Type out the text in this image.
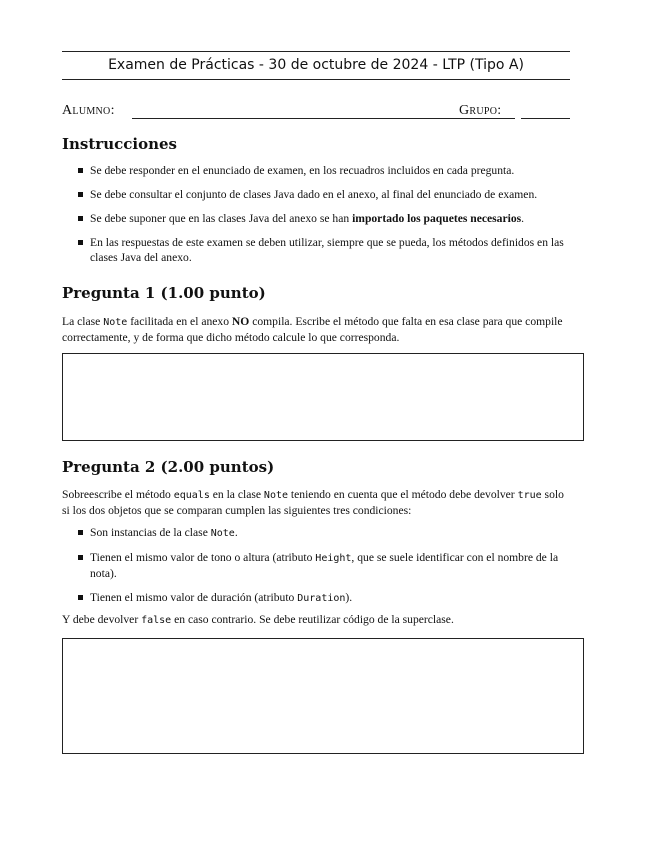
Examen de Prácticas - 30 de octubre de 2024 - LTP (Tipo A)
Alumno:	Grupo:
Instrucciones
Se debe responder en el enunciado de examen, en los recuadros incluidos en cada pregunta.
Se debe consultar el conjunto de clases Java dado en el anexo, al final del enunciado de examen.
Se debe suponer que en las clases Java del anexo se han importado los paquetes necesarios.
En las respuestas de este examen se deben utilizar, siempre que se pueda, los métodos definidos en las clases Java del anexo.
Pregunta 1 (1.00 punto)
La clase Note facilitada en el anexo NO compila. Escribe el método que falta en esa clase para que compile correctamente, y de forma que dicho método calcule lo que corresponda.
Pregunta 2 (2.00 puntos)
Sobreescribe el método equals en la clase Note teniendo en cuenta que el método debe devolver true solo si los dos objetos que se comparan cumplen las siguientes tres condiciones:
Son instancias de la clase Note.
Tienen el mismo valor de tono o altura (atributo Height, que se suele identificar con el nombre de la nota).
Tienen el mismo valor de duración (atributo Duration).
Y debe devolver false en caso contrario. Se debe reutilizar código de la superclase.
